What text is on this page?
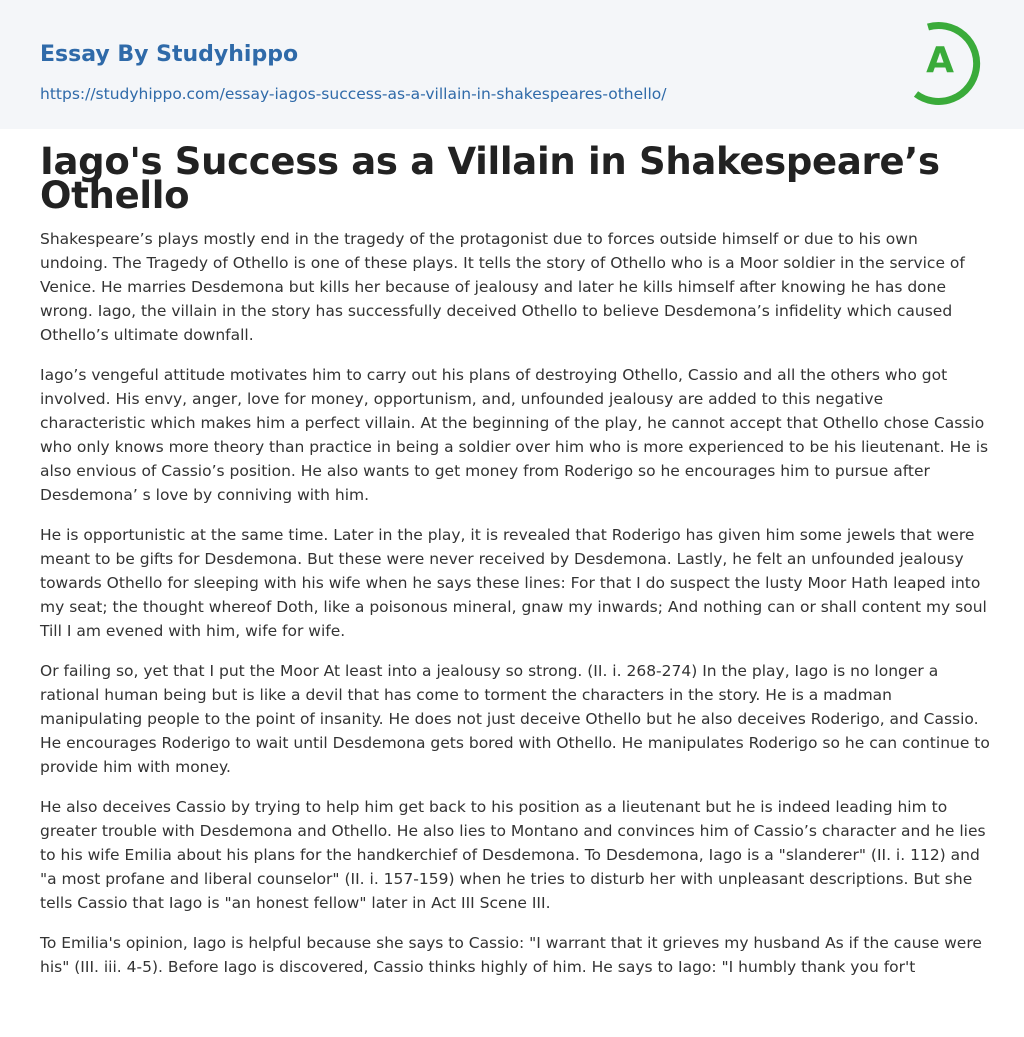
Essay By Studyhippo
https://studyhippo.com/essay-iagos-success-as-a-villain-in-shakespeares-othello/
A
Iago's Success as a Villain in Shakespeare’s Othello

Shakespeare’s plays mostly end in the tragedy of the protagonist due to forces outside himself or due to his own undoing. The Tragedy of Othello is one of these plays. It tells the story of Othello who is a Moor soldier in the service of Venice. He marries Desdemona but kills her because of jealousy and later he kills himself after knowing he has done wrong. Iago, the villain in the story has successfully deceived Othello to believe Desdemona’s infidelity which caused Othello’s ultimate downfall.

Iago’s vengeful attitude motivates him to carry out his plans of destroying Othello, Cassio and all the others who got involved. His envy, anger, love for money, opportunism, and, unfounded jealousy are added to this negative characteristic which makes him a perfect villain. At the beginning of the play, he cannot accept that Othello chose Cassio who only knows more theory than practice in being a soldier over him who is more experienced to be his lieutenant. He is also envious of Cassio’s position. He also wants to get money from Roderigo so he encourages him to pursue after Desdemona’ s love by conniving with him.

He is opportunistic at the same time. Later in the play, it is revealed that Roderigo has given him some jewels that were meant to be gifts for Desdemona. But these were never received by Desdemona. Lastly, he felt an unfounded jealousy towards Othello for sleeping with his wife when he says these lines: For that I do suspect the lusty Moor Hath leaped into my seat; the thought whereof Doth, like a poisonous mineral, gnaw my inwards; And nothing can or shall content my soul Till I am evened with him, wife for wife.

Or failing so, yet that I put the Moor At least into a jealousy so strong. (II. i. 268-274) In the play, Iago is no longer a rational human being but is like a devil that has come to torment the characters in the story. He is a madman manipulating people to the point of insanity. He does not just deceive Othello but he also deceives Roderigo, and Cassio. He encourages Roderigo to wait until Desdemona gets bored with Othello. He manipulates Roderigo so he can continue to provide him with money.

He also deceives Cassio by trying to help him get back to his position as a lieutenant but he is indeed leading him to greater trouble with Desdemona and Othello. He also lies to Montano and convinces him of Cassio’s character and he lies to his wife Emilia about his plans for the handkerchief of Desdemona. To Desdemona, Iago is a "slanderer" (II. i. 112) and "a most profane and liberal counselor" (II. i. 157-159) when he tries to disturb her with unpleasant descriptions. But she tells Cassio that Iago is "an honest fellow" later in Act III Scene III.

To Emilia's opinion, Iago is helpful because she says to Cassio: "I warrant that it grieves my husband As if the cause were his" (III. iii. 4-5). Before Iago is discovered, Cassio thinks highly of him. He says to Iago: "I humbly thank you for't
